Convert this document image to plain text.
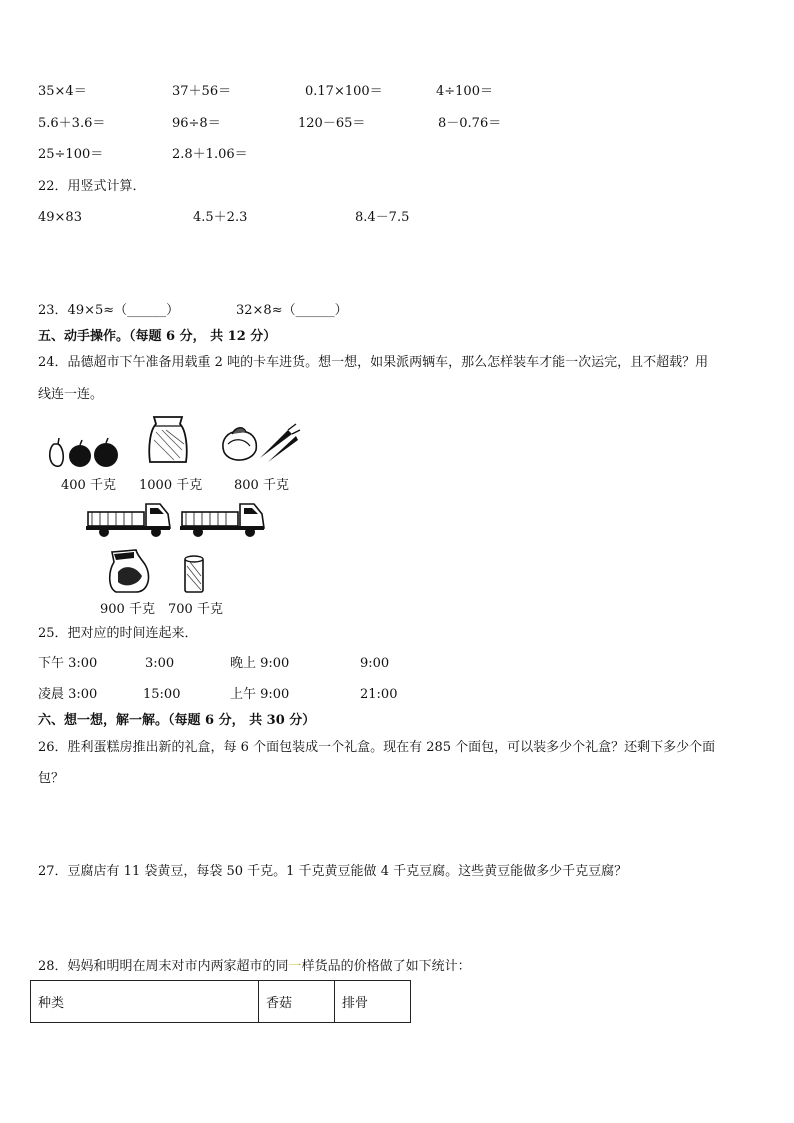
35×4＝	37＋56＝	0.17×100＝	4÷100＝
5.6＋3.6＝	96÷8＝	120－65＝	8－0.76＝
25÷100＝	2.8＋1.06＝
22．用竖式计算．
49×83	4.5＋2.3	8.4－7.5
23．49×5≈（______）	32×8≈（______）
五、动手操作。（每题 6 分， 共 12 分）
24．品德超市下午准备用载重 2 吨的卡车进货。想一想，如果派两辆车，那么怎样装车才能一次运完，且不超载？用
线连一连。
400 千克 1000 千克 800 千克
900 千克 700 千克
25．把对应的时间连起来．
下午 3:00	3:00	晚上 9:00	9:00
凌晨 3:00	15:00	上午 9:00	21:00
六、想一想，解一解。（每题 6 分， 共 30 分）
26．胜利蛋糕房推出新的礼盒，每 6 个面包装成一个礼盒。现在有 285 个面包，可以装多少个礼盒？还剩下多少个面
包？
27．豆腐店有 11 袋黄豆，每袋 50 千克。1 千克黄豆能做 4 千克豆腐。这些黄豆能做多少千克豆腐？
28．妈妈和明明在周末对市内两家超市的同一样货品的价格做了如下统计：
种类	香菇	排骨
